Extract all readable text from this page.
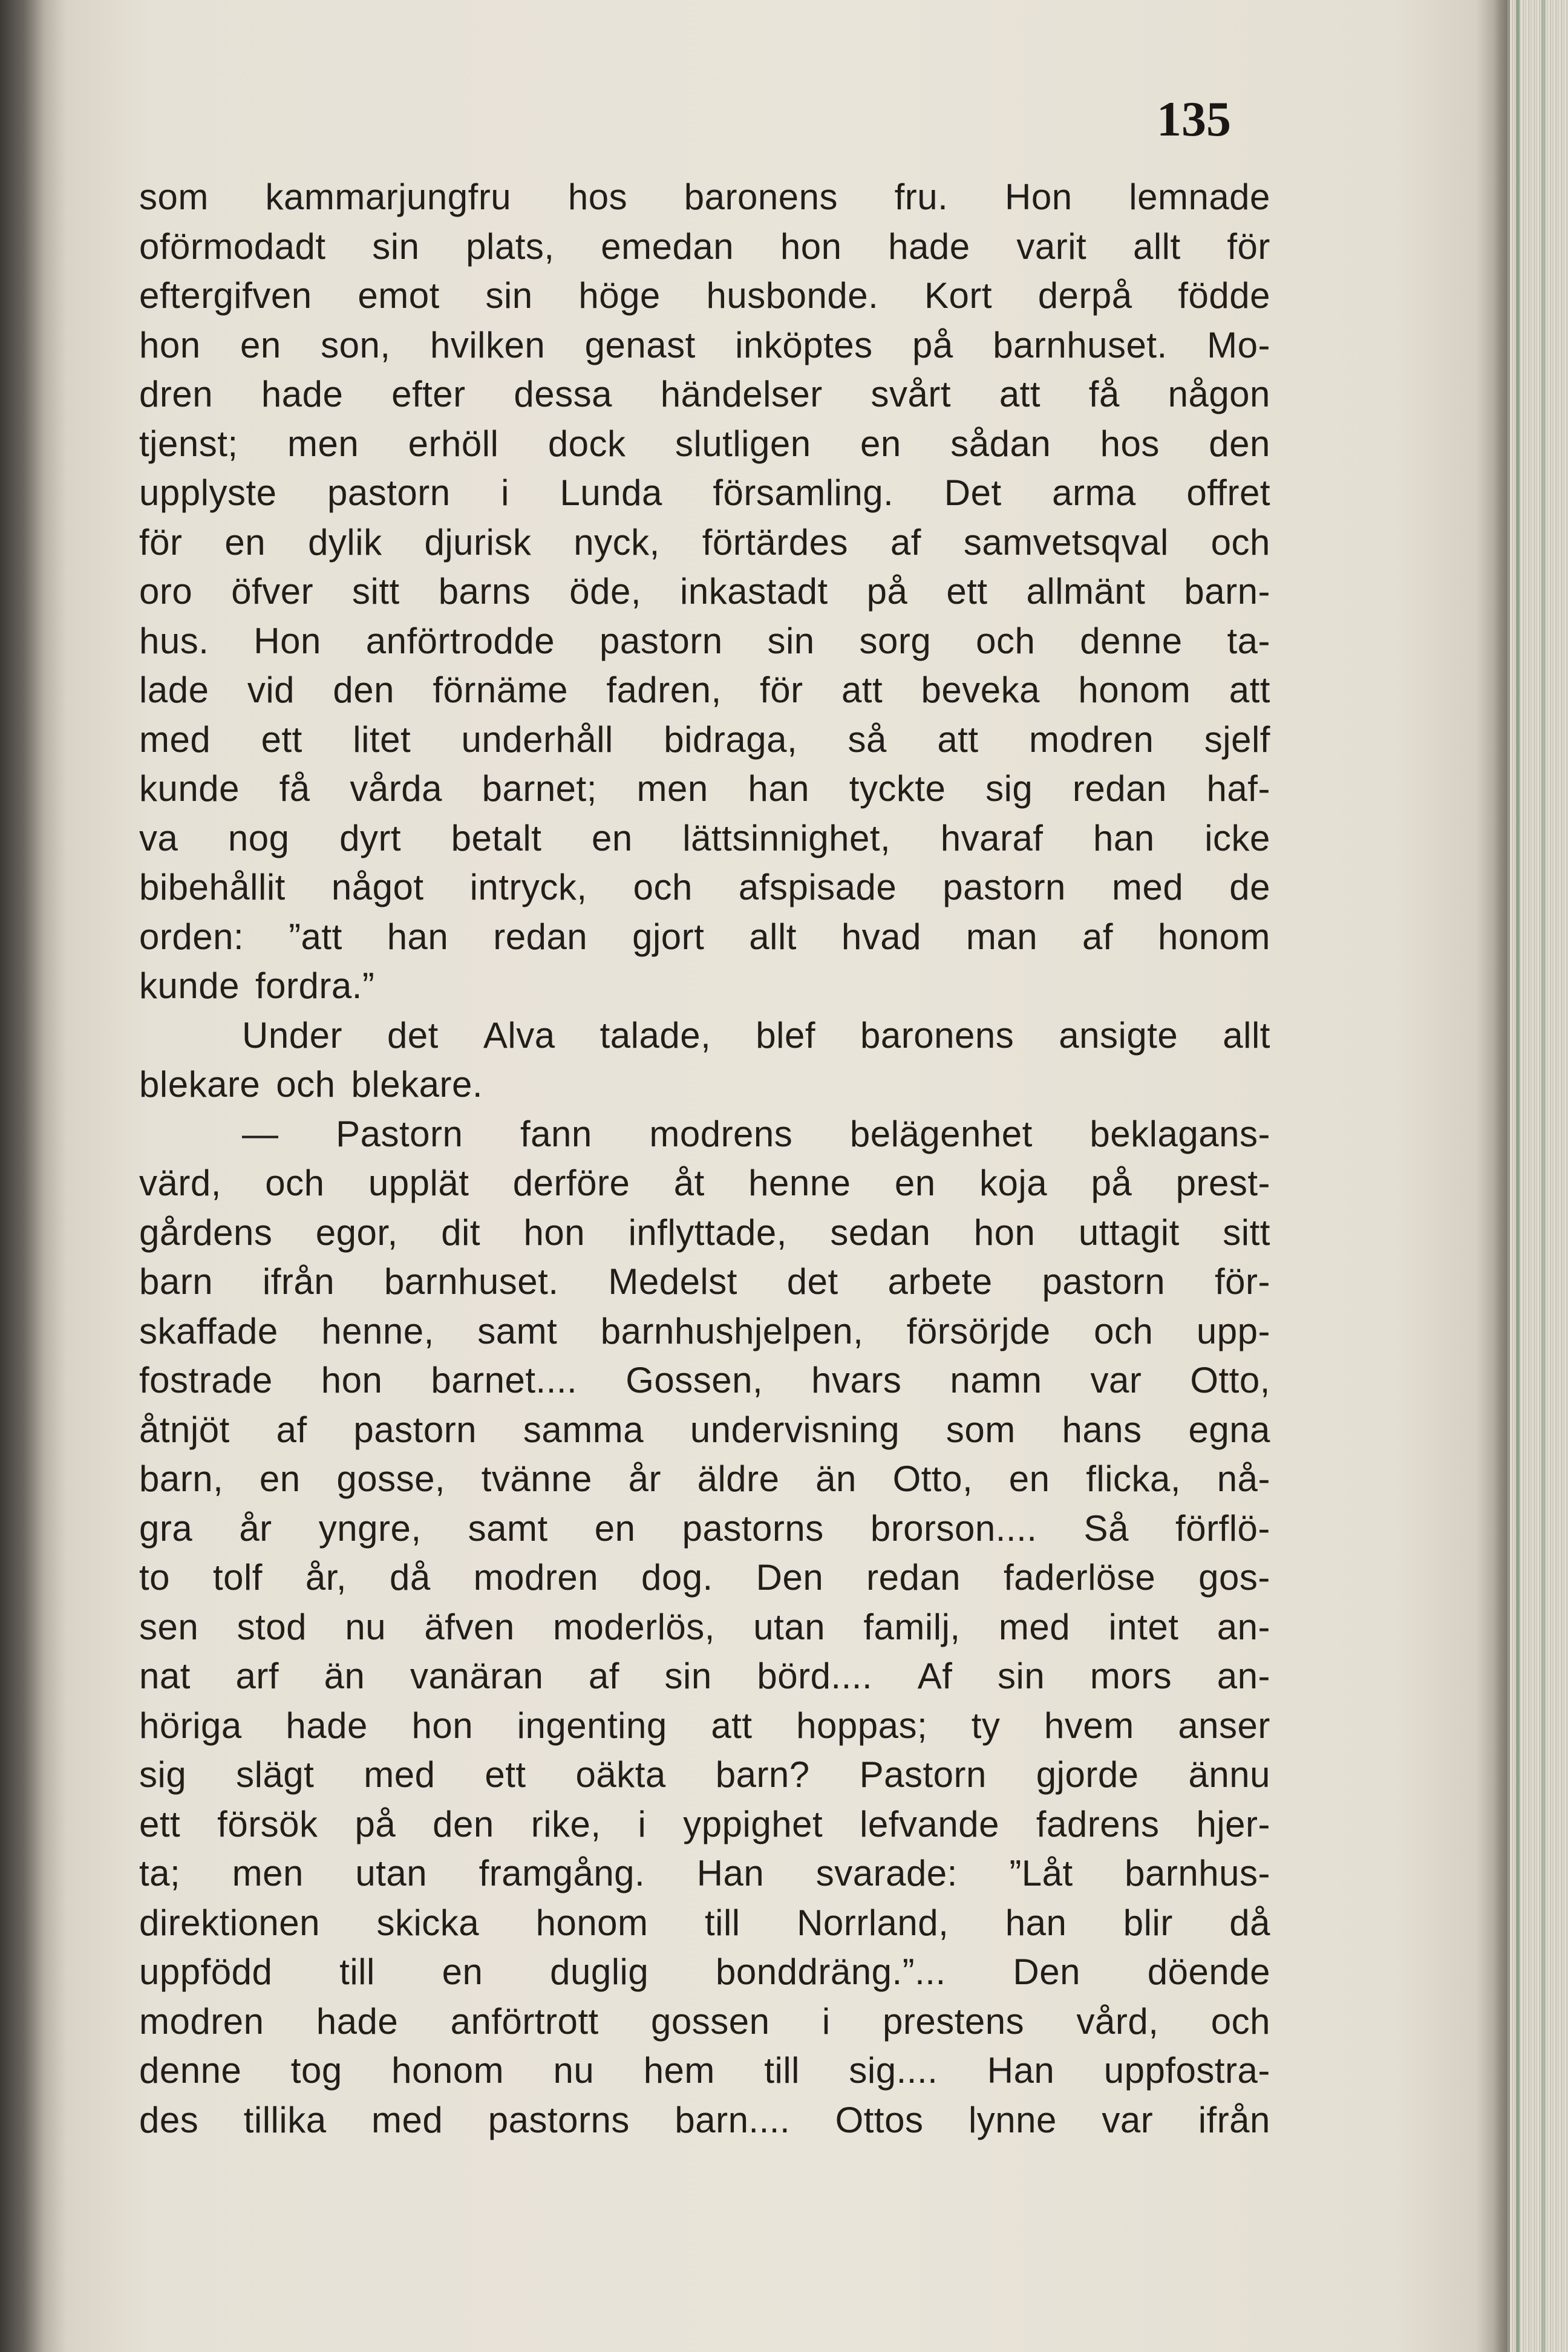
135
som kammarjungfru hos baronens fru. Hon lemnade
oförmodadt sin plats, emedan hon hade varit allt för
eftergifven emot sin höge husbonde. Kort derpå födde
hon en son, hvilken genast inköptes på barnhuset. Mo-
dren hade efter dessa händelser svårt att få någon
tjenst; men erhöll dock slutligen en sådan hos den
upplyste pastorn i Lunda församling. Det arma offret
för en dylik djurisk nyck, förtärdes af samvetsqval och
oro öfver sitt barns öde, inkastadt på ett allmänt barn-
hus. Hon anförtrodde pastorn sin sorg och denne ta-
lade vid den förnäme fadren, för att beveka honom att
med ett litet underhåll bidraga, så att modren sjelf
kunde få vårda barnet; men han tyckte sig redan haf-
va nog dyrt betalt en lättsinnighet, hvaraf han icke
bibehållit något intryck, och afspisade pastorn med de
orden: ”att han redan gjort allt hvad man af honom
kunde fordra.”
Under det Alva talade, blef baronens ansigte allt
blekare och blekare.
— Pastorn fann modrens belägenhet beklagans-
värd, och upplät derföre åt henne en koja på prest-
gårdens egor, dit hon inflyttade, sedan hon uttagit sitt
barn ifrån barnhuset. Medelst det arbete pastorn för-
skaffade henne, samt barnhushjelpen, försörjde och upp-
fostrade hon barnet.... Gossen, hvars namn var Otto,
åtnjöt af pastorn samma undervisning som hans egna
barn, en gosse, tvänne år äldre än Otto, en flicka, nå-
gra år yngre, samt en pastorns brorson.... Så förflö-
to tolf år, då modren dog. Den redan faderlöse gos-
sen stod nu äfven moderlös, utan familj, med intet an-
nat arf än vanäran af sin börd.... Af sin mors an-
höriga hade hon ingenting att hoppas; ty hvem anser
sig slägt med ett oäkta barn? Pastorn gjorde ännu
ett försök på den rike, i yppighet lefvande fadrens hjer-
ta; men utan framgång. Han svarade: ”Låt barnhus-
direktionen skicka honom till Norrland, han blir då
uppfödd till en duglig bonddräng.”... Den döende
modren hade anförtrott gossen i prestens vård, och
denne tog honom nu hem till sig.... Han uppfostra-
des tillika med pastorns barn.... Ottos lynne var ifrån
